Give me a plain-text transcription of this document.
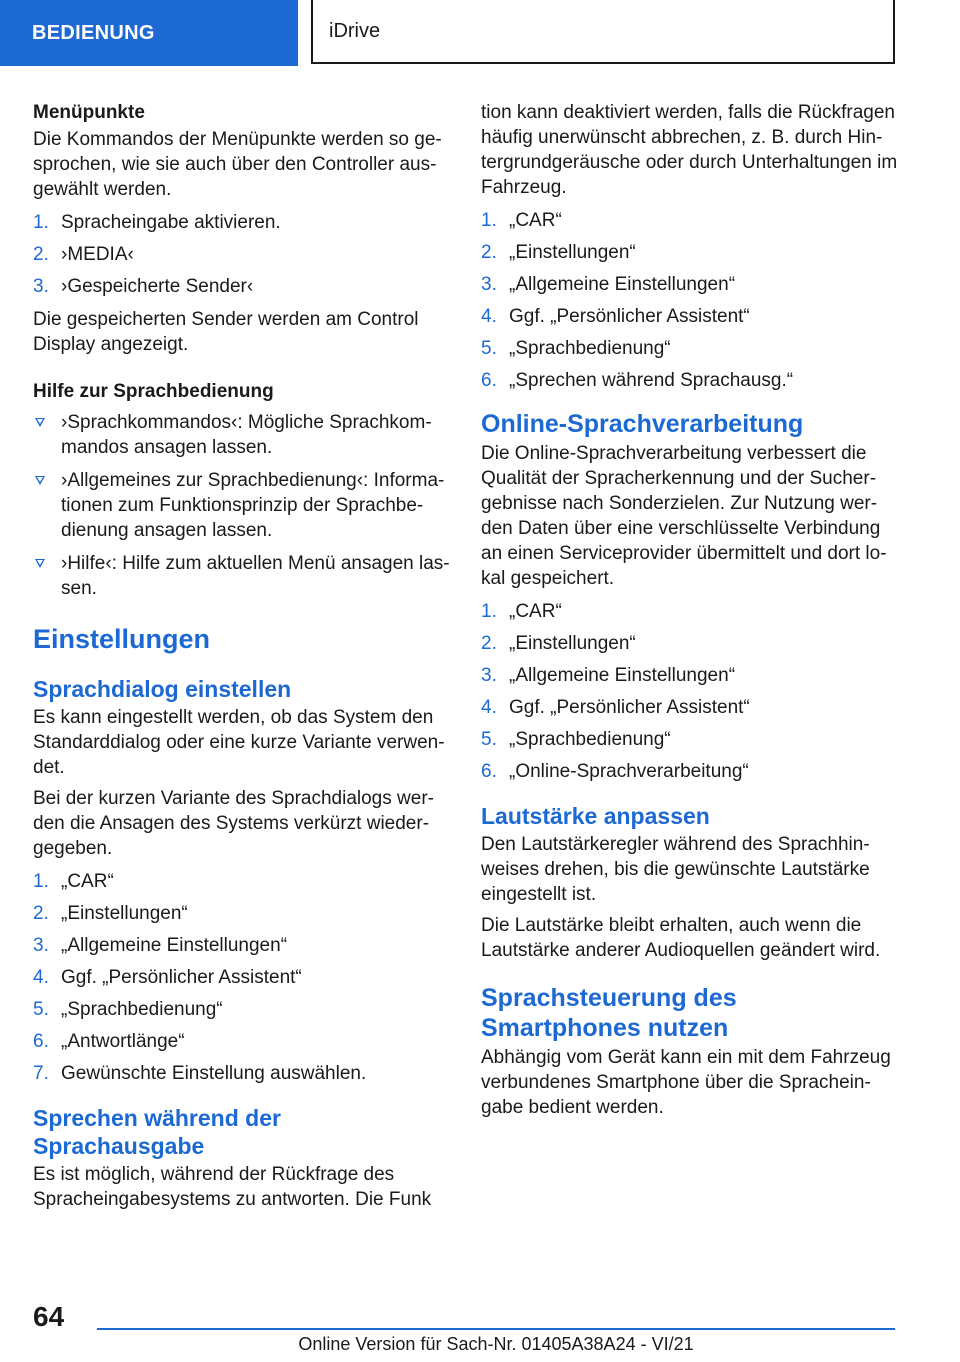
BEDIENUNG	iDrive
Menüpunkte

Die Kommandos der Menüpunkte werden so gesprochen, wie sie auch über den Controller ausgewählt werden.

1. Spracheingabe aktivieren.
2. ›MEDIA‹
3. ›Gespeicherte Sender‹

Die gespeicherten Sender werden am Control Display angezeigt.

Hilfe zur Sprachbedienung
›Sprachkommandos‹: Mögliche Sprachkommandos ansagen lassen.
›Allgemeines zur Sprachbedienung‹: Informationen zum Funktionsprinzip der Sprachbedienung ansagen lassen.
›Hilfe‹: Hilfe zum aktuellen Menü ansagen lassen.
Einstellungen
Sprachdialog einstellen

Es kann eingestellt werden, ob das System den Standarddialog oder eine kurze Variante verwendet.

Bei der kurzen Variante des Sprachdialogs werden die Ansagen des Systems verkürzt wiedergegeben.

1. „CAR“
2. „Einstellungen“
3. „Allgemeine Einstellungen“
4. Ggf. „Persönlicher Assistent“
5. „Sprachbedienung“
6. „Antwortlänge“
7. Gewünschte Einstellung auswählen.
Sprechen während der
Sprachausgabe

Es ist möglich, während der Rückfrage des Spracheingabesystems zu antworten. Die Funk

tion kann deaktiviert werden, falls die Rückfragen häufig unerwünscht abbrechen, z. B. durch Hintergrundgeräusche oder durch Unterhaltungen im Fahrzeug.

1. „CAR“
2. „Einstellungen“
3. „Allgemeine Einstellungen“
4. Ggf. „Persönlicher Assistent“
5. „Sprachbedienung“
6. „Sprechen während Sprachausg.“
Online-Sprachverarbeitung

Die Online-Sprachverarbeitung verbessert die Qualität der Spracherkennung und der Suchergebnisse nach Sonderzielen. Zur Nutzung werden Daten über eine verschlüsselte Verbindung an einen Serviceprovider übermittelt und dort lokal gespeichert.

1. „CAR“
2. „Einstellungen“
3. „Allgemeine Einstellungen“
4. Ggf. „Persönlicher Assistent“
5. „Sprachbedienung“
6. „Online-Sprachverarbeitung“
Lautstärke anpassen

Den Lautstärkeregler während des Sprachhinweises drehen, bis die gewünschte Lautstärke eingestellt ist.

Die Lautstärke bleibt erhalten, auch wenn die Lautstärke anderer Audioquellen geändert wird.

Sprachsteuerung des
Smartphones nutzen

Abhängig vom Gerät kann ein mit dem Fahrzeug verbundenes Smartphone über die Spracheingabe bedient werden.

64
Online Version für Sach-Nr. 01405A38A24 - VI/21
